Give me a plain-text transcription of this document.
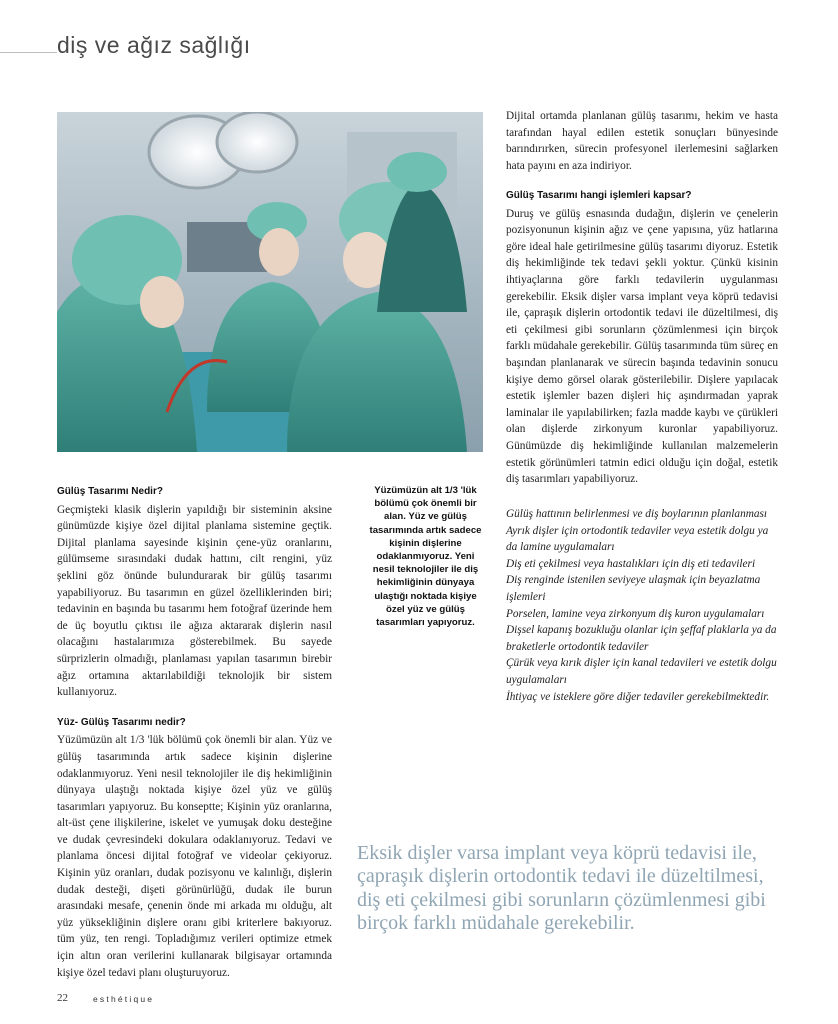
diş ve ağız sağlığı
Dijital ortamda planlanan gülüş tasarımı, hekim ve hasta tarafından hayal edilen estetik sonuçları bünyesinde barındırırken, sürecin profesyonel ilerlemesini sağlarken hata payını en aza indiriyor.
Gülüş Tasarımı hangi işlemleri kapsar?

Duruş ve gülüş esnasında dudağın, dişlerin ve çenelerin pozisyonunun kişinin ağız ve çene yapısına, yüz hatlarına göre ideal hale getirilmesine gülüş tasarımı diyoruz. Estetik diş hekimliğinde tek tedavi şekli yoktur. Çünkü kisinin ihtiyaçlarına göre farklı tedavilerin uygulanması gerekebilir. Eksik dişler varsa implant veya köprü tedavisi ile, çapraşık dişlerin ortodontik tedavi ile düzeltilmesi, diş eti çekilmesi gibi sorunların çözümlenmesi için birçok farklı müdahale gerekebilir. Gülüş tasarımında tüm süreç en başından planlanarak ve sürecin başında tedavinin sonucu kişiye demo görsel olarak gösterilebilir. Dişlere yapılacak estetik işlemler bazen dişleri hiç aşındırmadan yaprak laminalar ile yapılabilirken; fazla madde kaybı ve çürükleri olan dişlerde zirkonyum kuronlar yapabiliyoruz. Günümüzde diş hekimliğinde kullanılan malzemelerin estetik görünümleri tatmin edici olduğu için doğal, estetik diş tasarımları yapabiliyoruz.

Gülüş Tasarımı Nedir?

Geçmişteki klasik dişlerin yapıldığı bir sisteminin aksine günümüzde kişiye özel dijital planlama sistemine geçtik. Dijital planlama sayesinde kişinin çene-yüz oranlarını, gülümseme sırasındaki dudak hattını, cilt rengini, yüz şeklini göz önünde bulundurarak bir gülüş tasarımı yapabiliyoruz. Bu tasarımın en güzel özelliklerinden biri; tedavinin en başında bu tasarımı hem fotoğraf üzerinde hem de üç boyutlu çıktısı ile ağıza aktararak dişlerin nasıl olacağını hastalarımıza gösterebilmek. Bu sayede sürprizlerin olmadığı, planlaması yapılan tasarımın birebir ağız ortamına aktarılabildiği teknolojik bir sistem kullanıyoruz.

Yüz- Gülüş Tasarımı nedir?

Yüzümüzün alt 1/3 'lük bölümü çok önemli bir alan. Yüz ve gülüş tasarımında artık sadece kişinin dişlerine odaklanmıyoruz. Yeni nesil teknolojiler ile diş hekimliğinin dünyaya ulaştığı noktada kişiye özel yüz ve gülüş tasarımları yapıyoruz. Bu konseptte; Kişinin yüz oranlarına, alt-üst çene ilişkilerine, iskelet ve yumuşak doku desteğine ve dudak çevresindeki dokulara odaklanıyoruz. Tedavi ve planlama öncesi dijital fotoğraf ve videolar çekiyoruz. Kişinin yüz oranları, dudak pozisyonu ve kalınlığı, dişlerin dudak desteği, dişeti görünürlüğü, dudak ile burun arasındaki mesafe, çenenin önde mi arkada mı olduğu, alt yüz yüksekliğinin dişlere oranı gibi kriterlere bakıyoruz. tüm yüz, ten rengi. Topladığımız verileri optimize etmek için altın oran verilerini kullanarak bilgisayar ortamında kişiye özel tedavi planı oluşturuyoruz.

Yüzümüzün alt 1/3 'lük bölümü çok önemli bir alan. Yüz ve gülüş tasarımında artık sadece kişinin dişlerine odaklanmıyoruz. Yeni nesil teknolojiler ile diş hekimliğinin dünyaya ulaştığı noktada kişiye özel yüz ve gülüş tasarımları yapıyoruz.
Gülüş hattının belirlenmesi ve diş boylarının planlanması
Ayrık dişler için ortodontik tedaviler veya estetik dolgu ya da lamine uygulamaları
Diş eti çekilmesi veya hastalıkları için diş eti tedavileri
Diş renginde istenilen seviyeye ulaşmak için beyazlatma işlemleri
Porselen, lamine veya zirkonyum diş kuron uygulamaları
Dişsel kapanış bozukluğu olanlar için şeffaf plaklarla ya da braketlerle ortodontik tedaviler
Çürük veya kırık dişler için kanal tedavileri ve estetik dolgu uygulamaları
İhtiyaç ve isteklere göre diğer tedaviler gerekebilmektedir.
Eksik dişler varsa implant veya köprü tedavisi ile, çapraşık dişlerin ortodontik tedavi ile düzeltilmesi, diş eti çekilmesi gibi sorunların çözümlenmesi gibi birçok farklı müdahale gerekebilir.
22	esthétique
